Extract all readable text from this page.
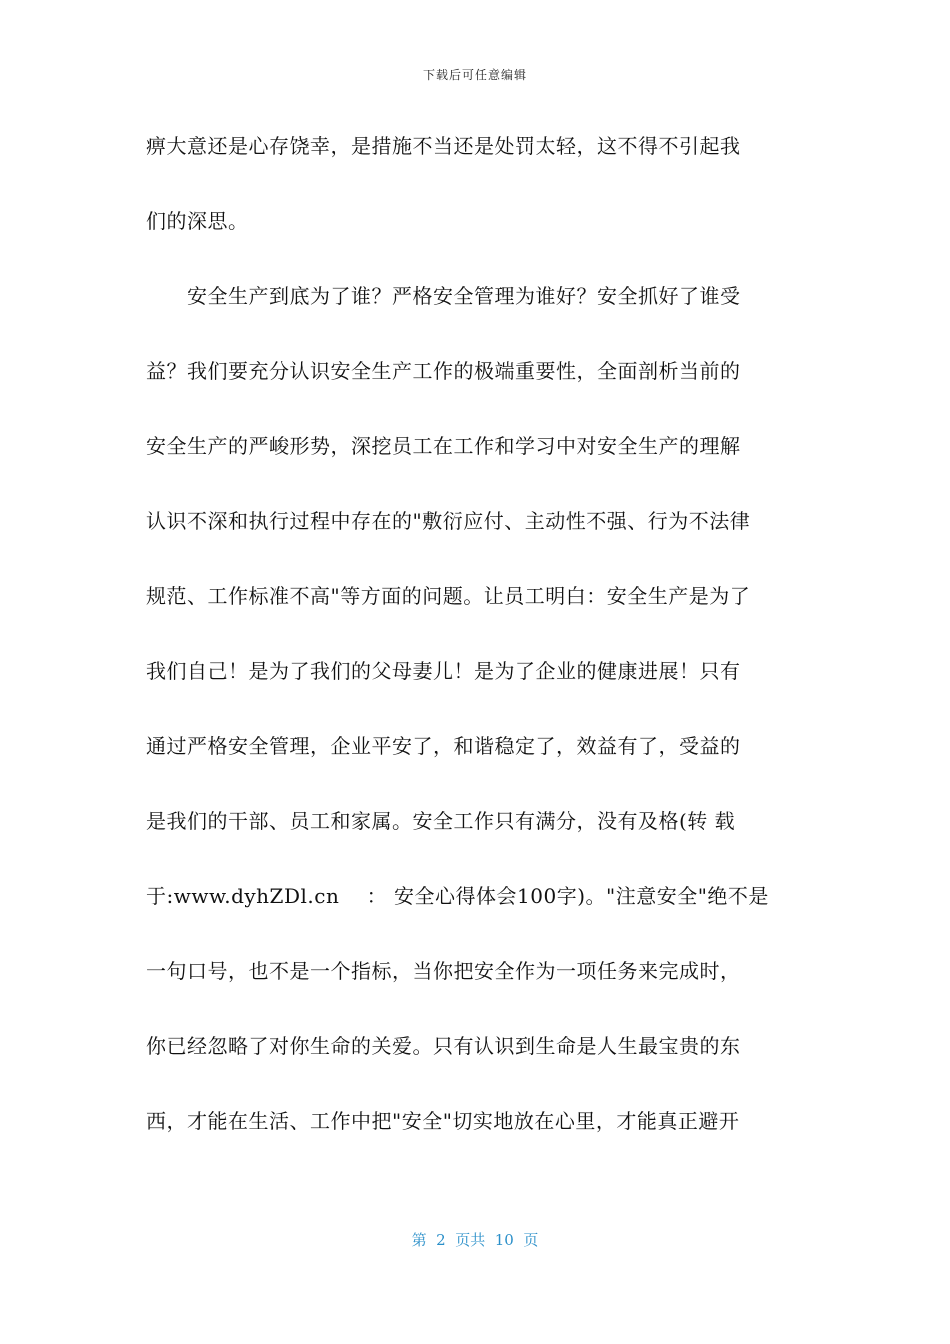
下载后可任意编辑
痹大意还是心存饶幸，是措施不当还是处罚太轻，这不得不引起我
们的深思。
　　安全生产到底为了谁？严格安全管理为谁好？安全抓好了谁受
益？我们要充分认识安全生产工作的极端重要性，全面剖析当前的
安全生产的严峻形势，深挖员工在工作和学习中对安全生产的理解
认识不深和执行过程中存在的"敷衍应付、主动性不强、行为不法律
规范、工作标准不高"等方面的问题。让员工明白：安全生产是为了
我们自己！是为了我们的父母妻儿！是为了企业的健康进展！只有
通过严格安全管理，企业平安了，和谐稳定了，效益有了，受益的
是我们的干部、员工和家属。安全工作只有满分，没有及格(转 载
于:www.dyhZDl.cn　 ： 安全心得体会100字)。"注意安全"绝不是
一句口号，也不是一个指标，当你把安全作为一项任务来完成时，
你已经忽略了对你生命的关爱。只有认识到生命是人生最宝贵的东
西，才能在生活、工作中把"安全"切实地放在心里，才能真正避开
第  2  页共  10  页
